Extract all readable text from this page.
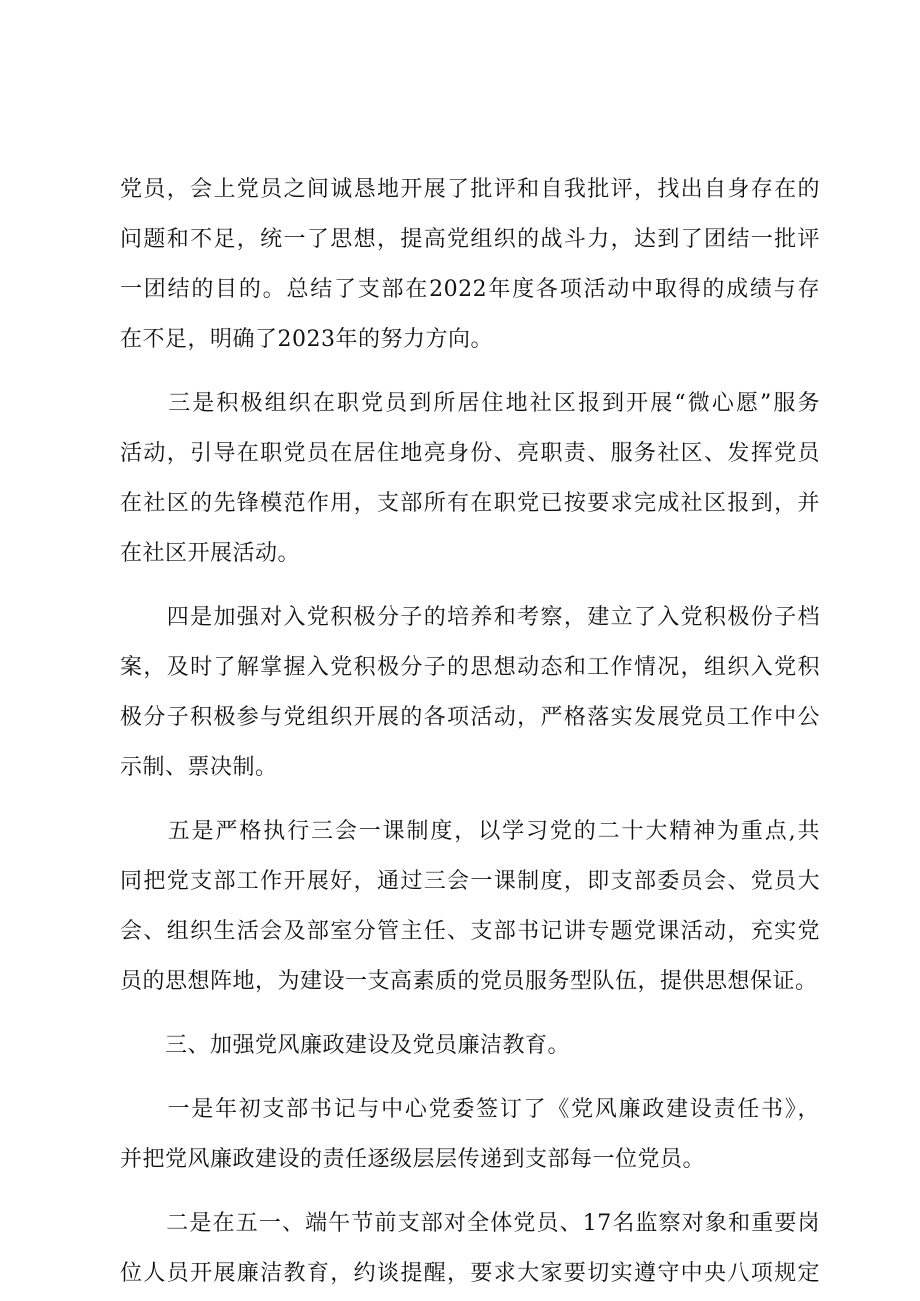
党员，会上党员之间诚恳地开展了批评和自我批评，找出自身存在的
问题和不足，统一了思想，提高党组织的战斗力，达到了团结一批评
一团结的目的。总结了支部在2022年度各项活动中取得的成绩与存
在不足，明确了2023年的努力方向。
　　三是积极组织在职党员到所居住地社区报到开展“微心愿”服务
活动，引导在职党员在居住地亮身份、亮职责、服务社区、发挥党员
在社区的先锋模范作用，支部所有在职党已按要求完成社区报到，并
在社区开展活动。
　　四是加强对入党积极分子的培养和考察，建立了入党积极份子档
案，及时了解掌握入党积极分子的思想动态和工作情况，组织入党积
极分子积极参与党组织开展的各项活动，严格落实发展党员工作中公
示制、票决制。
　　五是严格执行三会一课制度，以学习党的二十大精神为重点,共
同把党支部工作开展好，通过三会一课制度，即支部委员会、党员大
会、组织生活会及部室分管主任、支部书记讲专题党课活动，充实党
员的思想阵地，为建设一支高素质的党员服务型队伍，提供思想保证。
　　三、加强党风廉政建设及党员廉洁教育。
　　一是年初支部书记与中心党委签订了《党风廉政建设责任书》，
并把党风廉政建设的责任逐级层层传递到支部每一位党员。
　　二是在五一、端午节前支部对全体党员、17名监察对象和重要岗
位人员开展廉洁教育，约谈提醒，要求大家要切实遵守中央八项规定
